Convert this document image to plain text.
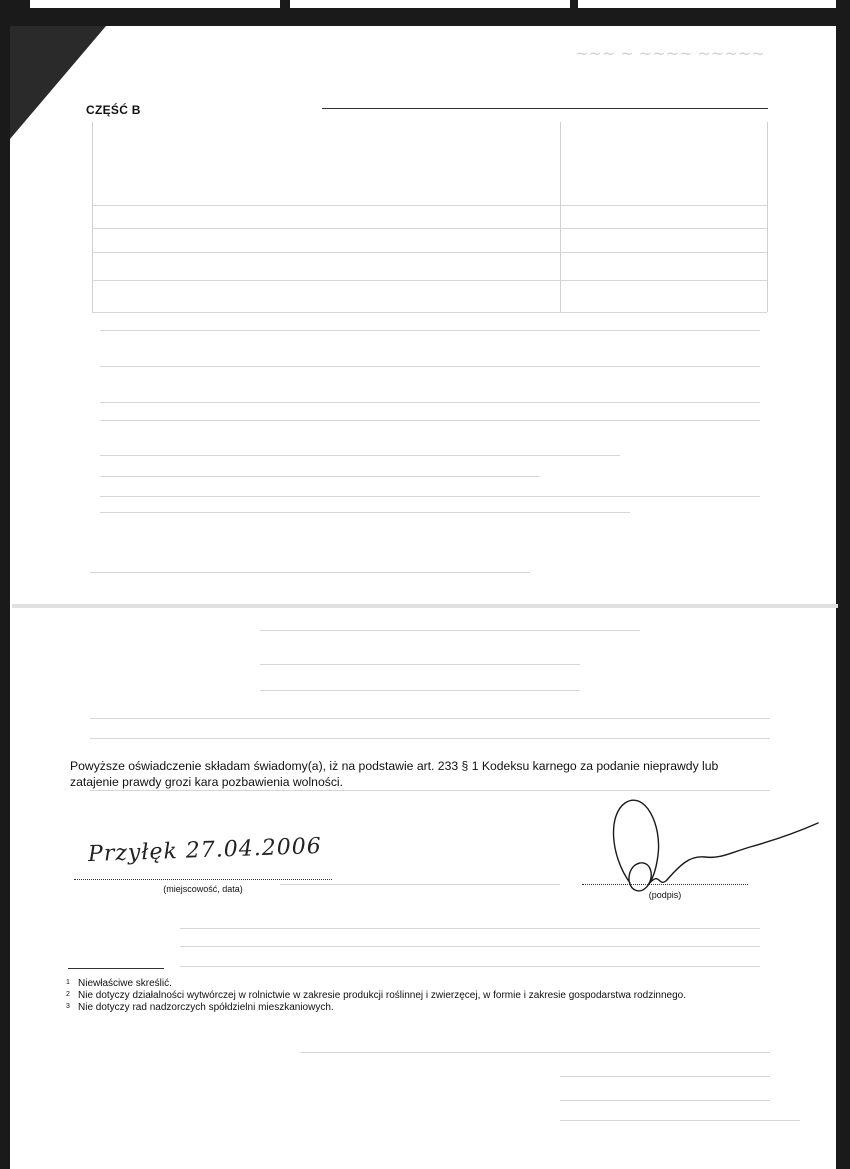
~~~ ~ ~~~~ ~~~~~
CZĘŚĆ B
Powyższe oświadczenie składam świadomy(a), iż na podstawie art. 233 § 1 Kodeksu karnego za podanie nieprawdy lub zatajenie prawdy grozi kara pozbawienia wolności.
Przyłęk 27.04.2006
(miejscowość, data)
(podpis)
1 Niewłaściwe skreślić.
2 Nie dotyczy działalności wytwórczej w rolnictwie w zakresie produkcji roślinnej i zwierzęcej, w formie i zakresie gospodarstwa rodzinnego.
3 Nie dotyczy rad nadzorczych spółdzielni mieszkaniowych.
